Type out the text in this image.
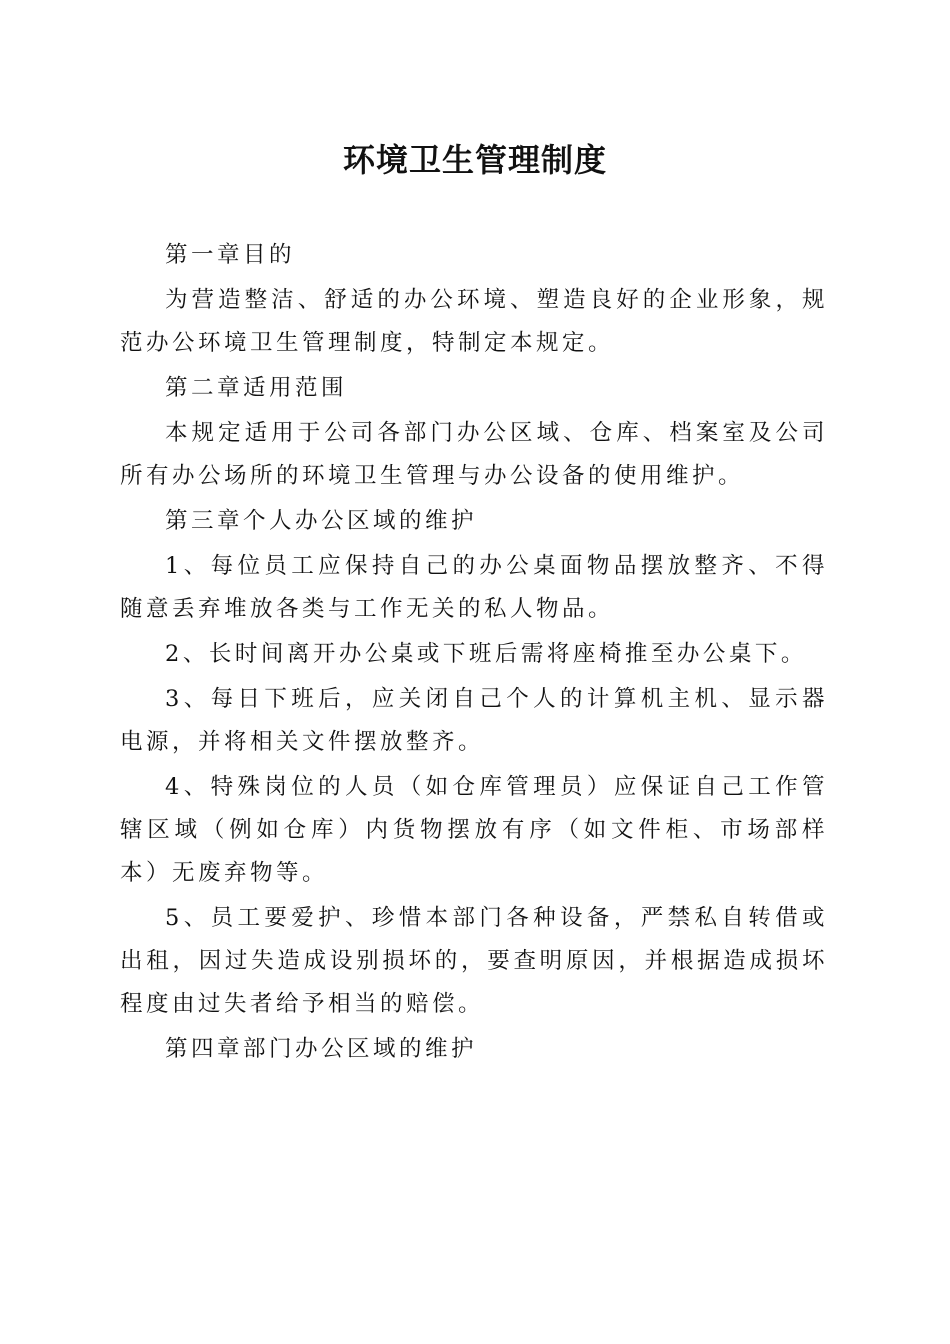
环境卫生管理制度

第一章目的

为营造整洁、舒适的办公环境、塑造良好的企业形象，规范办公环境卫生管理制度，特制定本规定。

第二章适用范围

本规定适用于公司各部门办公区域、仓库、档案室及公司所有办公场所的环境卫生管理与办公设备的使用维护。

第三章个人办公区域的维护

1、每位员工应保持自己的办公桌面物品摆放整齐、不得随意丢弃堆放各类与工作无关的私人物品。

2、长时间离开办公桌或下班后需将座椅推至办公桌下。

3、每日下班后，应关闭自己个人的计算机主机、显示器电源，并将相关文件摆放整齐。

4、特殊岗位的人员（如仓库管理员）应保证自己工作管辖区域（例如仓库）内货物摆放有序（如文件柜、市场部样本）无废弃物等。

5、员工要爱护、珍惜本部门各种设备，严禁私自转借或出租，因过失造成设别损坏的，要查明原因，并根据造成损坏程度由过失者给予相当的赔偿。

第四章部门办公区域的维护
